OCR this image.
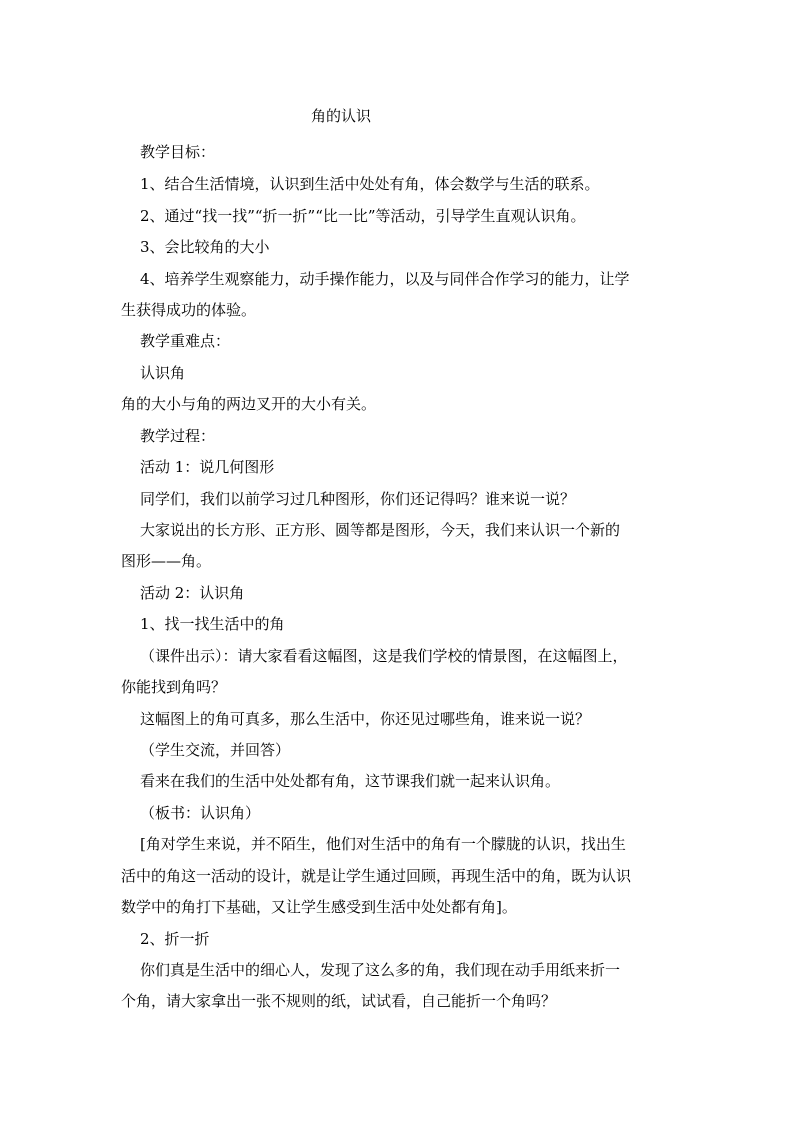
角的认识
教学目标：
1、结合生活情境，认识到生活中处处有角，体会数学与生活的联系。
2、通过“找一找”“折一折”“比一比”等活动，引导学生直观认识角。
3、会比较角的大小
4、培养学生观察能力，动手操作能力，以及与同伴合作学习的能力，让学
生获得成功的体验。
教学重难点：
认识角
角的大小与角的两边叉开的大小有关。
教学过程：
活动 1：说几何图形
同学们，我们以前学习过几种图形，你们还记得吗？谁来说一说？
大家说出的长方形、正方形、圆等都是图形，今天，我们来认识一个新的
图形——角。
活动 2：认识角
1、找一找生活中的角
（课件出示）：请大家看看这幅图，这是我们学校的情景图，在这幅图上，
你能找到角吗？
这幅图上的角可真多，那么生活中，你还见过哪些角，谁来说一说？
（学生交流，并回答）
看来在我们的生活中处处都有角，这节课我们就一起来认识角。
（板书：认识角）
[角对学生来说，并不陌生，他们对生活中的角有一个朦胧的认识，找出生
活中的角这一活动的设计，就是让学生通过回顾，再现生活中的角，既为认识
数学中的角打下基础，又让学生感受到生活中处处都有角]。
2、折一折
你们真是生活中的细心人，发现了这么多的角，我们现在动手用纸来折一
个角，请大家拿出一张不规则的纸，试试看，自己能折一个角吗？
